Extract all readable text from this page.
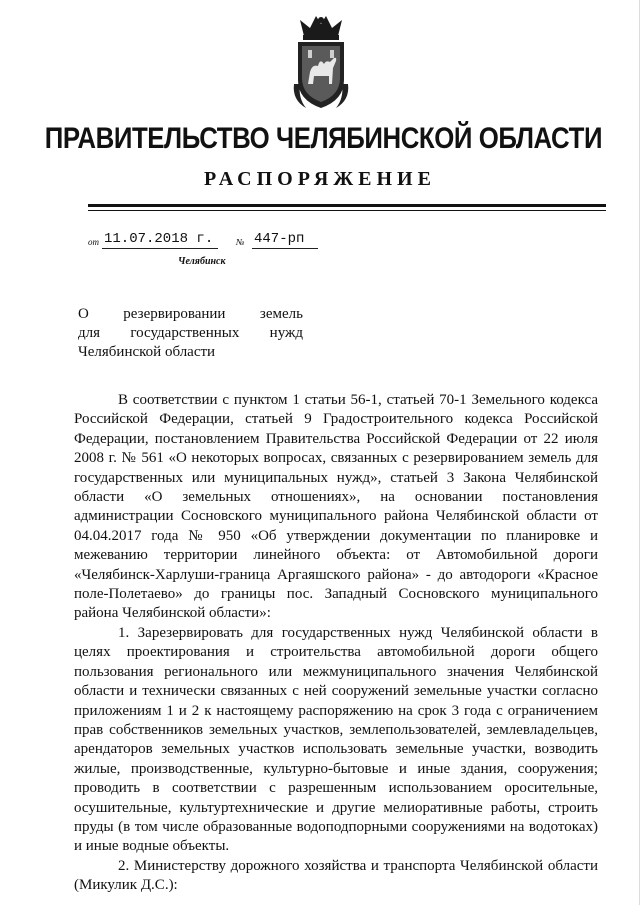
ПРАВИТЕЛЬСТВО ЧЕЛЯБИНСКОЙ ОБЛАСТИ
РАСПОРЯЖЕНИЕ
от 11.07.2018 г.	№ 447-рп
Челябинск
О резервировании земель
для государственных нужд
Челябинской области

В соответствии с пунктом 1 статьи 56-1, статьей 70-1 Земельного кодекса Российской Федерации, статьей 9 Градостроительного кодекса Российской Федерации, постановлением Правительства Российской Федерации от 22 июля 2008 г. № 561 «О некоторых вопросах, связанных с резервированием земель для государственных или муниципальных нужд», статьей 3 Закона Челябинской области «О земельных отношениях», на основании постановления администрации Сосновского муниципального района Челябинской области от 04.04.2017 года № 950 «Об утверждении документации по планировке и межеванию территории линейного объекта: от Автомобильной дороги «Челябинск-Харлуши-граница Аргаяшского района» - до автодороги «Красное поле-Полетаево» до границы пос. Западный Сосновского муниципального района Челябинской области»:

1. Зарезервировать для государственных нужд Челябинской области в целях проектирования и строительства автомобильной дороги общего пользования регионального или межмуниципального значения Челябинской области и технически связанных с ней сооружений земельные участки согласно приложениям 1 и 2 к настоящему распоряжению на срок 3 года с ограничением прав собственников земельных участков, землепользователей, землевладельцев, арендаторов земельных участков использовать земельные участки, возводить жилые, производственные, культурно-бытовые и иные здания, сооружения; проводить в соответствии с разрешенным использованием оросительные, осушительные, культуртехнические и другие мелиоративные работы, строить пруды (в том числе образованные водоподпорными сооружениями на водотоках) и иные водные объекты.

2. Министерству дорожного хозяйства и транспорта Челябинской области (Микулик Д.С.):
